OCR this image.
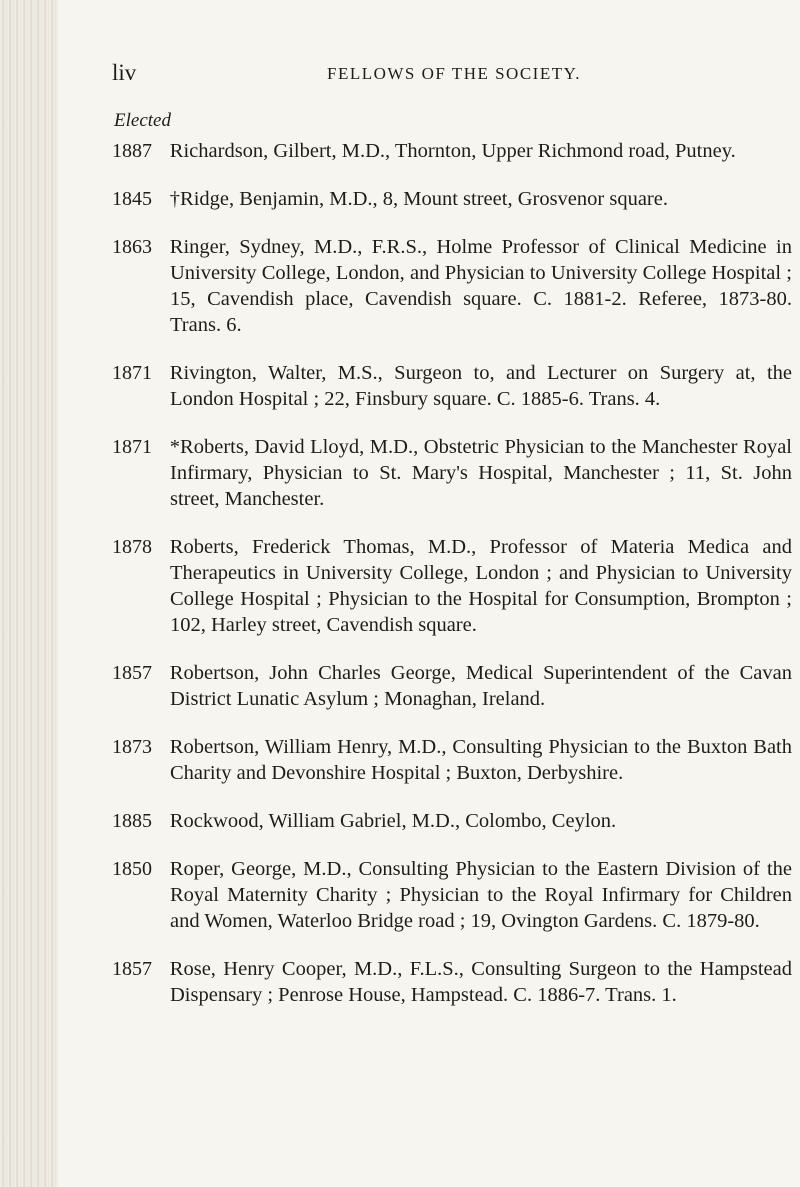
liv	FELLOWS OF THE SOCIETY.
Elected
1887 Richardson, Gilbert, M.D., Thornton, Upper Richmond road, Putney.
1845 †Ridge, Benjamin, M.D., 8, Mount street, Grosvenor square.
1863 Ringer, Sydney, M.D., F.R.S., Holme Professor of Clinical Medicine in University College, London, and Physician to University College Hospital ; 15, Cavendish place, Cavendish square. C. 1881-2. Referee, 1873-80. Trans. 6.
1871 Rivington, Walter, M.S., Surgeon to, and Lecturer on Surgery at, the London Hospital ; 22, Finsbury square. C. 1885-6. Trans. 4.
1871 *Roberts, David Lloyd, M.D., Obstetric Physician to the Manchester Royal Infirmary, Physician to St. Mary's Hospital, Manchester ; 11, St. John street, Manchester.
1878 Roberts, Frederick Thomas, M.D., Professor of Materia Medica and Therapeutics in University College, London ; and Physician to University College Hospital ; Physician to the Hospital for Consumption, Brompton ; 102, Harley street, Cavendish square.
1857 Robertson, John Charles George, Medical Superintendent of the Cavan District Lunatic Asylum ; Monaghan, Ireland.
1873 Robertson, William Henry, M.D., Consulting Physician to the Buxton Bath Charity and Devonshire Hospital ; Buxton, Derbyshire.
1885 Rockwood, William Gabriel, M.D., Colombo, Ceylon.
1850 Roper, George, M.D., Consulting Physician to the Eastern Division of the Royal Maternity Charity ; Physician to the Royal Infirmary for Children and Women, Waterloo Bridge road ; 19, Ovington Gardens. C. 1879-80.
1857 Rose, Henry Cooper, M.D., F.L.S., Consulting Surgeon to the Hampstead Dispensary ; Penrose House, Hampstead. C. 1886-7. Trans. 1.
